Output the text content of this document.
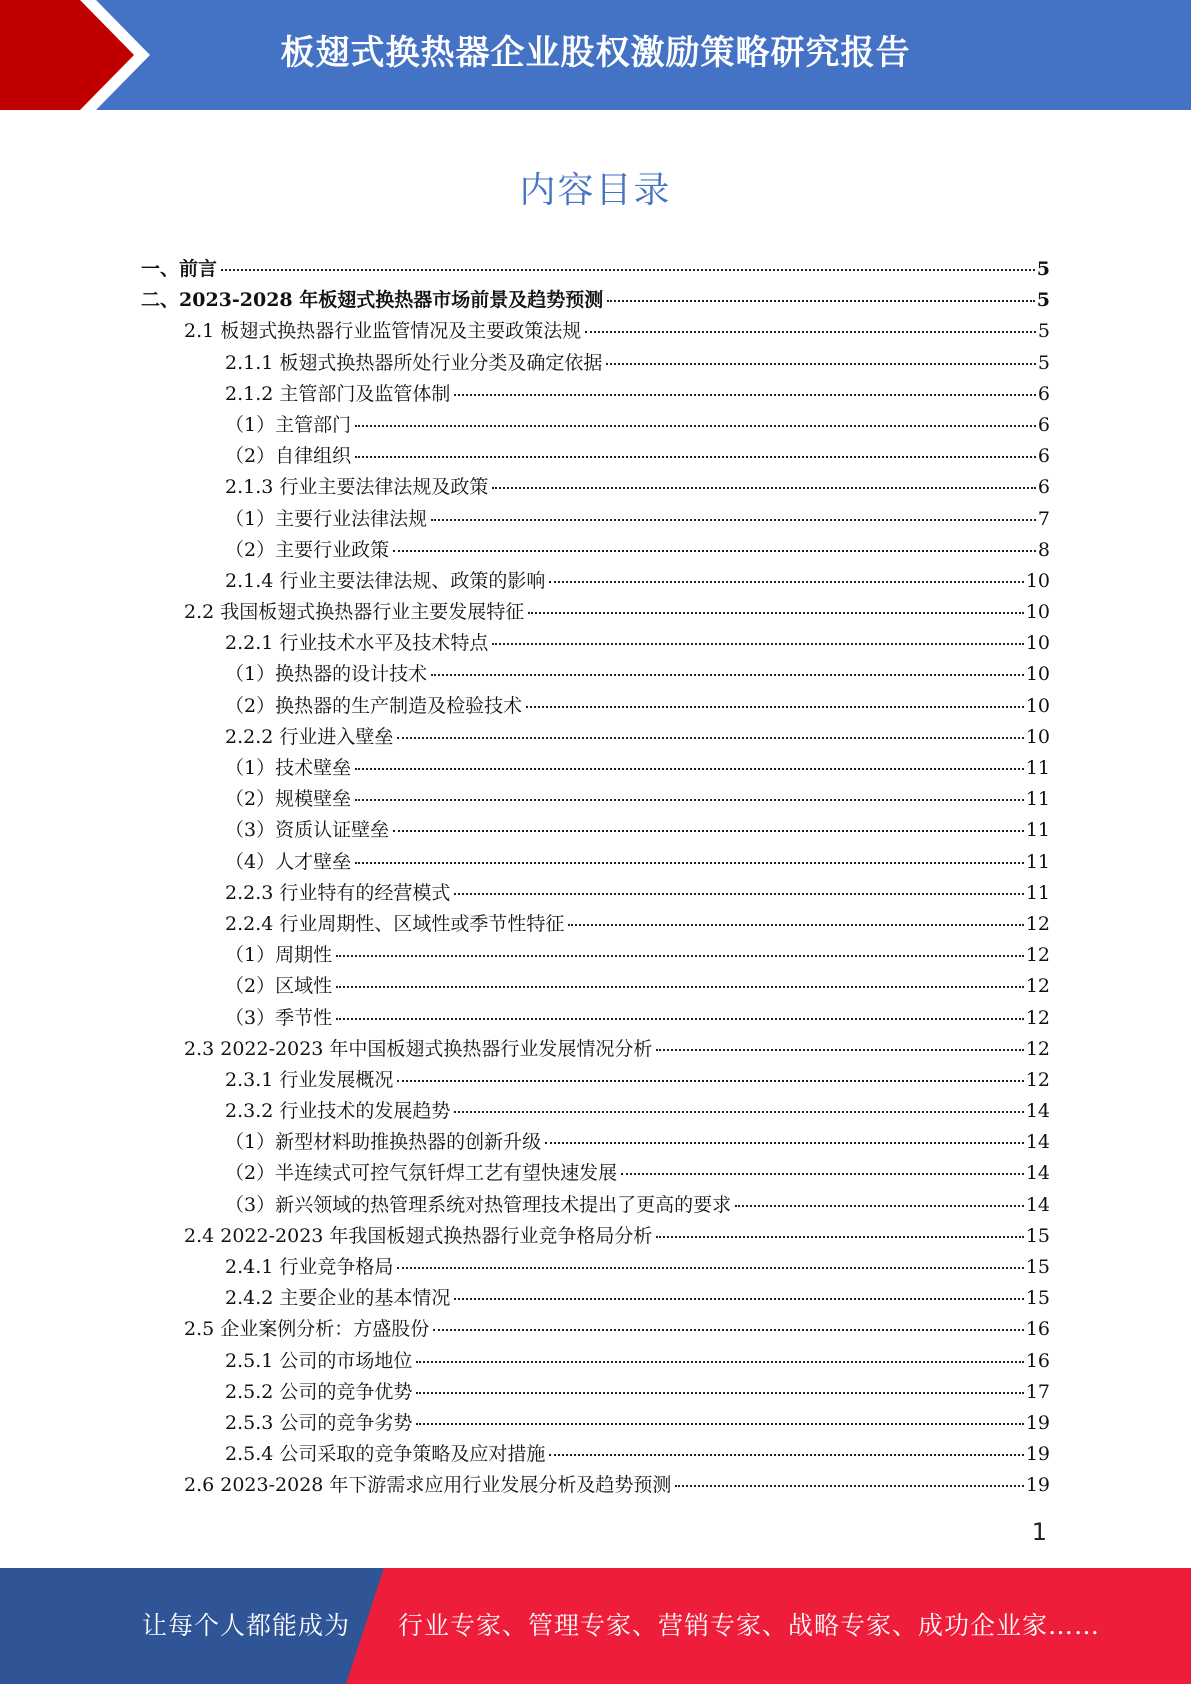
板翅式换热器企业股权激励策略研究报告
内容目录
一、前言	5
二、2023-2028 年板翅式换热器市场前景及趋势预测	5
2.1 板翅式换热器行业监管情况及主要政策法规	5
2.1.1 板翅式换热器所处行业分类及确定依据	5
2.1.2 主管部门及监管体制	6
（1）主管部门	6
（2）自律组织	6
2.1.3 行业主要法律法规及政策	6
（1）主要行业法律法规	7
（2）主要行业政策	8
2.1.4 行业主要法律法规、政策的影响	10
2.2 我国板翅式换热器行业主要发展特征	10
2.2.1 行业技术水平及技术特点	10
（1）换热器的设计技术	10
（2）换热器的生产制造及检验技术	10
2.2.2 行业进入壁垒	10
（1）技术壁垒	11
（2）规模壁垒	11
（3）资质认证壁垒	11
（4）人才壁垒	11
2.2.3 行业特有的经营模式	11
2.2.4 行业周期性、区域性或季节性特征	12
（1）周期性	12
（2）区域性	12
（3）季节性	12
2.3 2022-2023 年中国板翅式换热器行业发展情况分析	12
2.3.1 行业发展概况	12
2.3.2 行业技术的发展趋势	14
（1）新型材料助推换热器的创新升级	14
（2）半连续式可控气氛钎焊工艺有望快速发展	14
（3）新兴领域的热管理系统对热管理技术提出了更高的要求	14
2.4 2022-2023 年我国板翅式换热器行业竞争格局分析	15
2.4.1 行业竞争格局	15
2.4.2 主要企业的基本情况	15
2.5 企业案例分析：方盛股份	16
2.5.1 公司的市场地位	16
2.5.2 公司的竞争优势	17
2.5.3 公司的竞争劣势	19
2.5.4 公司采取的竞争策略及应对措施	19
2.6 2023-2028 年下游需求应用行业发展分析及趋势预测	19
1
让每个人都能成为 行业专家、管理专家、营销专家、战略专家、成功企业家……
